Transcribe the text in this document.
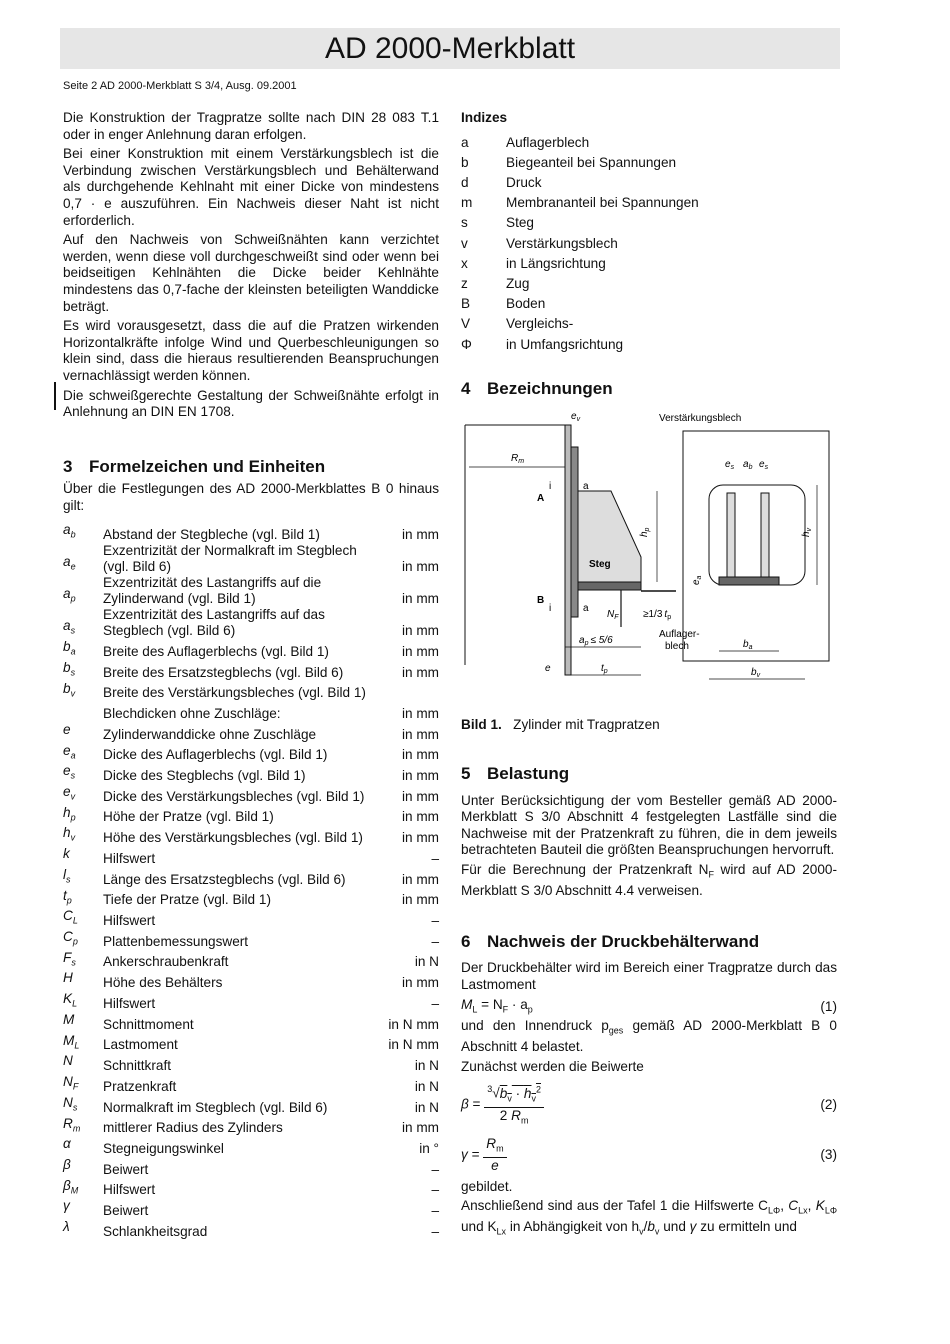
AD 2000-Merkblatt
Seite 2 AD 2000-Merkblatt S 3/4, Ausg. 09.2001

Die Konstruktion der Tragpratze sollte nach DIN 28 083 T.1 oder in enger Anlehnung daran erfolgen.

Bei einer Konstruktion mit einem Verstärkungsblech ist die Verbindung zwischen Verstärkungsblech und Behälterwand als durchgehende Kehlnaht mit einer Dicke von mindestens 0,7 · e auszuführen. Ein Nachweis dieser Naht ist nicht erforderlich.

Auf den Nachweis von Schweißnähten kann verzichtet werden, wenn diese voll durchgeschweißt sind oder wenn bei beidseitigen Kehlnähten die Dicke beider Kehlnähte mindestens das 0,7-fache der kleinsten beteiligten Wanddicke beträgt.

Es wird vorausgesetzt, dass die auf die Pratzen wirkenden Horizontalkräfte infolge Wind und Querbeschleunigungen so klein sind, dass die hieraus resultierenden Beanspruchungen vernachlässigt werden können.

Die schweißgerechte Gestaltung der Schweißnähte erfolgt in Anlehnung an DIN EN 1708.

3 Formelzeichen und Einheiten

Über die Festlegungen des AD 2000-Merkblattes B 0 hinaus gilt:

$a_b$	Abstand der Stegbleche (vgl. Bild 1)	in mm
$a_e$	Exzentrizität der Normalkraft im Stegblech (vgl. Bild 6)	in mm
$a_p$	Exzentrizität des Lastangriffs auf die Zylinderwand (vgl. Bild 1)	in mm
$a_s$	Exzentrizität des Lastangriffs auf das Stegblech (vgl. Bild 6)	in mm
$b_a$	Breite des Auflagerblechs (vgl. Bild 1)	in mm
$b_s$	Breite des Ersatzstegblechs (vgl. Bild 6)	in mm
$b_v$	Breite des Verstärkungsbleches (vgl. Bild 1)	
	Blechdicken ohne Zuschläge:	in mm
e	Zylinderwanddicke ohne Zuschläge	in mm
$e_a$	Dicke des Auflagerblechs (vgl. Bild 1)	in mm
$e_s$	Dicke des Stegblechs (vgl. Bild 1)	in mm
$e_v$	Dicke des Verstärkungsbleches (vgl. Bild 1)	in mm
$h_p$	Höhe der Pratze (vgl. Bild 1)	in mm
$h_v$	Höhe des Verstärkungsbleches (vgl. Bild 1)	in mm
k	Hilfswert	–
$l_s$	Länge des Ersatzstegblechs (vgl. Bild 6)	in mm
$t_p$	Tiefe der Pratze (vgl. Bild 1)	in mm
$C_L$	Hilfswert	–
$C_p$	Plattenbemessungswert	–
$F_s$	Ankerschraubenkraft	in N
H	Höhe des Behälters	in mm
$K_L$	Hilfswert	–
M	Schnittmoment	in N mm
$M_L$	Lastmoment	in N mm
N	Schnittkraft	in N
$N_F$	Pratzenkraft	in N
$N_s$	Normalkraft im Stegblech (vgl. Bild 6)	in N
$R_m$	mittlerer Radius des Zylinders	in mm
α	Stegneigungswinkel	in °
β	Beiwert	–
$\beta_M$	Hilfswert	–
γ	Beiwert	–
λ	Schlankheitsgrad	–
Indizes
a	Auflagerblech
b	Biegeanteil bei Spannungen
d	Druck
m	Membrananteil bei Spannungen
s	Steg
v	Verstärkungsblech
x	in Längsrichtung
z	Zug
B	Boden
V	Vergleichs-
Φ	in Umfangsrichtung
4 Bezeichnungen
$R_m$
$e_v$
i	a
A
B
i	a
Steg
$h_p$
$N_F \ge 1/3$ $t_p$
$a_p \le 5/6$
e	$t_p$
Verstärkungsblech
$e_s$ $a_b$ $e_s$
$h_v$
$e_a$
Auflager-
blech	$b_a$
$b_v$
Bild 1. Zylinder mit Tragpratzen
5 Belastung

Unter Berücksichtigung der vom Besteller gemäß AD 2000-Merkblatt S 3/0 Abschnitt 4 festgelegten Lastfälle sind die Nachweise mit der Pratzenkraft zu führen, die in dem jeweils betrachteten Bauteil die größten Beanspruchungen hervorruft.

Für die Berechnung der Pratzenkraft $N_F$ wird auf AD 2000-Merkblatt S 3/0 Abschnitt 4.4 verweisen.

6 Nachweis der Druckbehälterwand

Der Druckbehälter wird im Bereich einer Tragpratze durch das Lastmoment

$M_L = N_F \cdot a_p$	(1)

und den Innendruck $p_{ges}$ gemäß AD 2000-Merkblatt B 0 Abschnitt 4 belastet.

Zunächst werden die Beiwerte

$\beta = \frac{^3√b_v \cdot h_v^2}{2 R_m}$	(2)
$\gamma = \frac{R_m}{e}$	(3)

gebildet.

Anschließend sind aus der Tafel 1 die Hilfswerte $C_{L\Phi}$, $C_{Lx}$, $K_{L\Phi}$ und $K_{Lx}$ in Abhängigkeit von $h_v/b_v$ und γ zu ermitteln und
